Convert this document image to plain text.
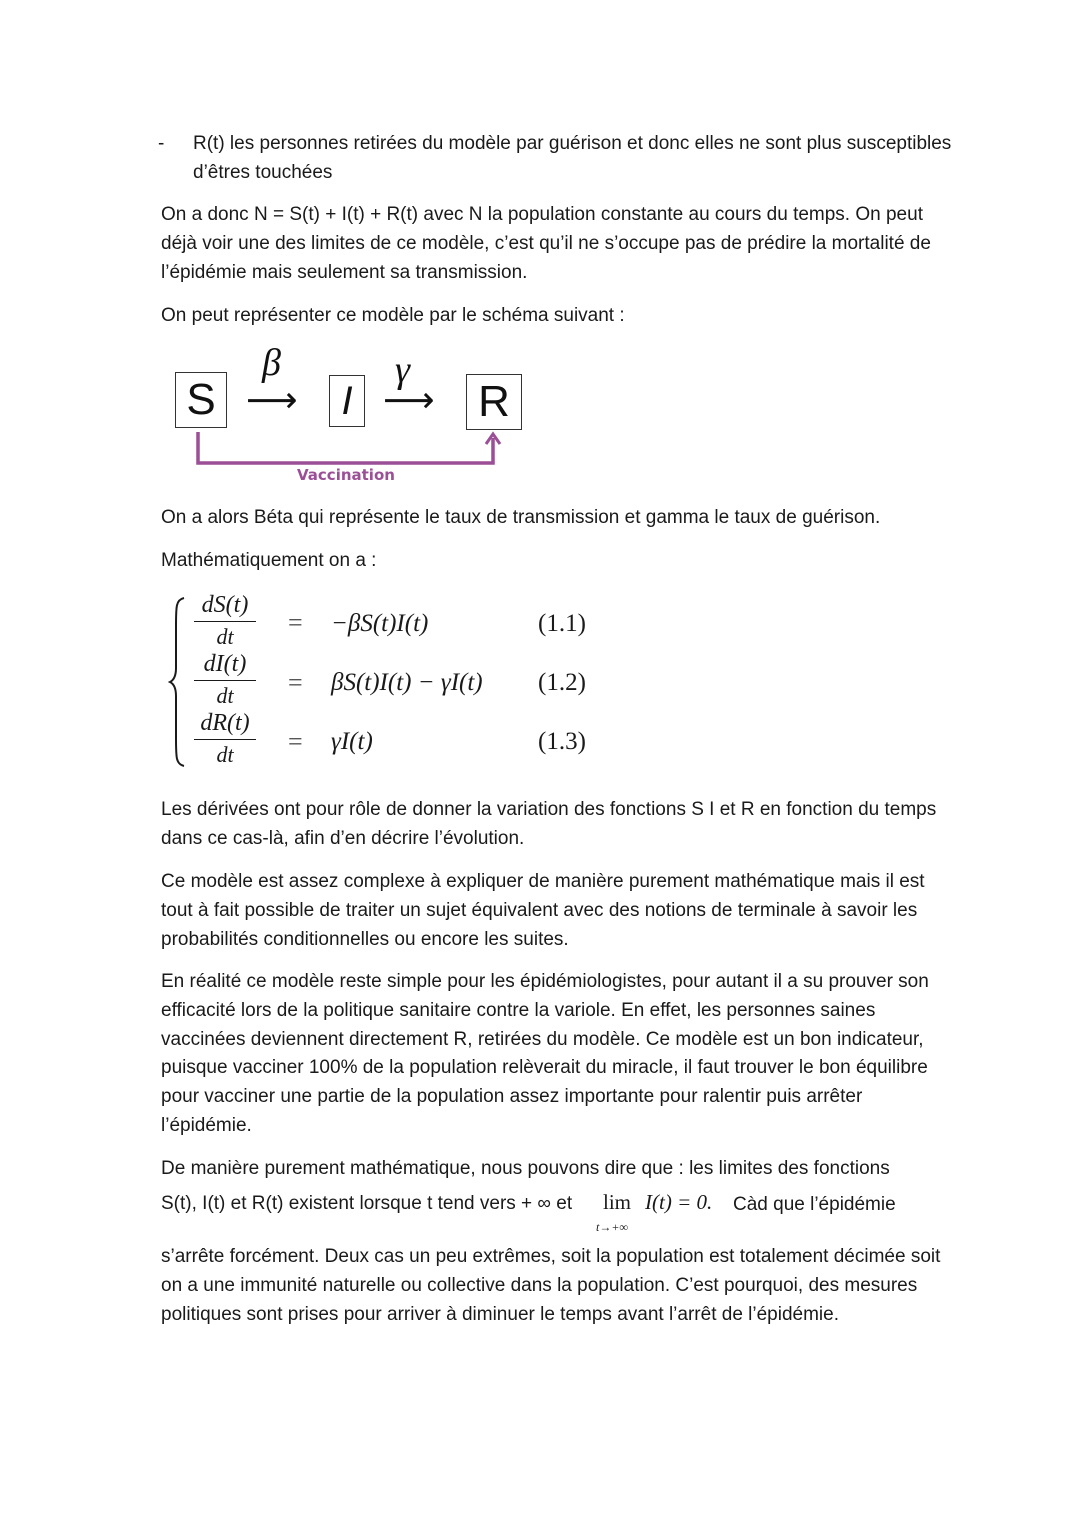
- R(t) les personnes retirées du modèle par guérison et donc elles ne sont plus susceptibles d’êtres touchées

On a donc N = S(t) + I(t) + R(t) avec N la population constante au cours du temps. On peut déjà voir une des limites de ce modèle, c’est qu’il ne s’occupe pas de prédire la mortalité de l’épidémie mais seulement sa transmission.

On peut représenter ce modèle par le schéma suivant :

S
β
⟶	I
γ
⟶ R
Vaccination

On a alors Béta qui représente le taux de transmission et gamma le taux de guérison.

Mathématiquement on a :

$\frac{dS(t)}{dt} = -\beta S(t)I(t)$	(1.1)
$\frac{dI(t)}{dt} = \beta S(t)I(t) - \gamma I(t)$ (1.2)
$\frac{dR(t)}{dt} = \gamma I(t)$	(1.3)

Les dérivées ont pour rôle de donner la variation des fonctions S I et R en fonction du temps dans ce cas-là, afin d’en décrire l’évolution.

Ce modèle est assez complexe à expliquer de manière purement mathématique mais il est tout à fait possible de traiter un sujet équivalent avec des notions de terminale à savoir les probabilités conditionnelles ou encore les suites.

En réalité ce modèle reste simple pour les épidémiologistes, pour autant il a su prouver son efficacité lors de la politique sanitaire contre la variole. En effet, les personnes saines vaccinées deviennent directement R, retirées du modèle. Ce modèle est un bon indicateur, puisque vacciner 100% de la population relèverait du miracle, il faut trouver le bon équilibre pour vacciner une partie de la population assez importante pour ralentir puis arrêter l’épidémie.

De manière purement mathématique, nous pouvons dire que : les limites des fonctions

S(t), I(t) et R(t) existent lorsque t tend vers + ∞ et lim
t→+∞
I(t) = 0. Càd que l’épidémie

s’arrête forcément. Deux cas un peu extrêmes, soit la population est totalement décimée soit on a une immunité naturelle ou collective dans la population. C’est pourquoi, des mesures politiques sont prises pour arriver à diminuer le temps avant l’arrêt de l’épidémie.
